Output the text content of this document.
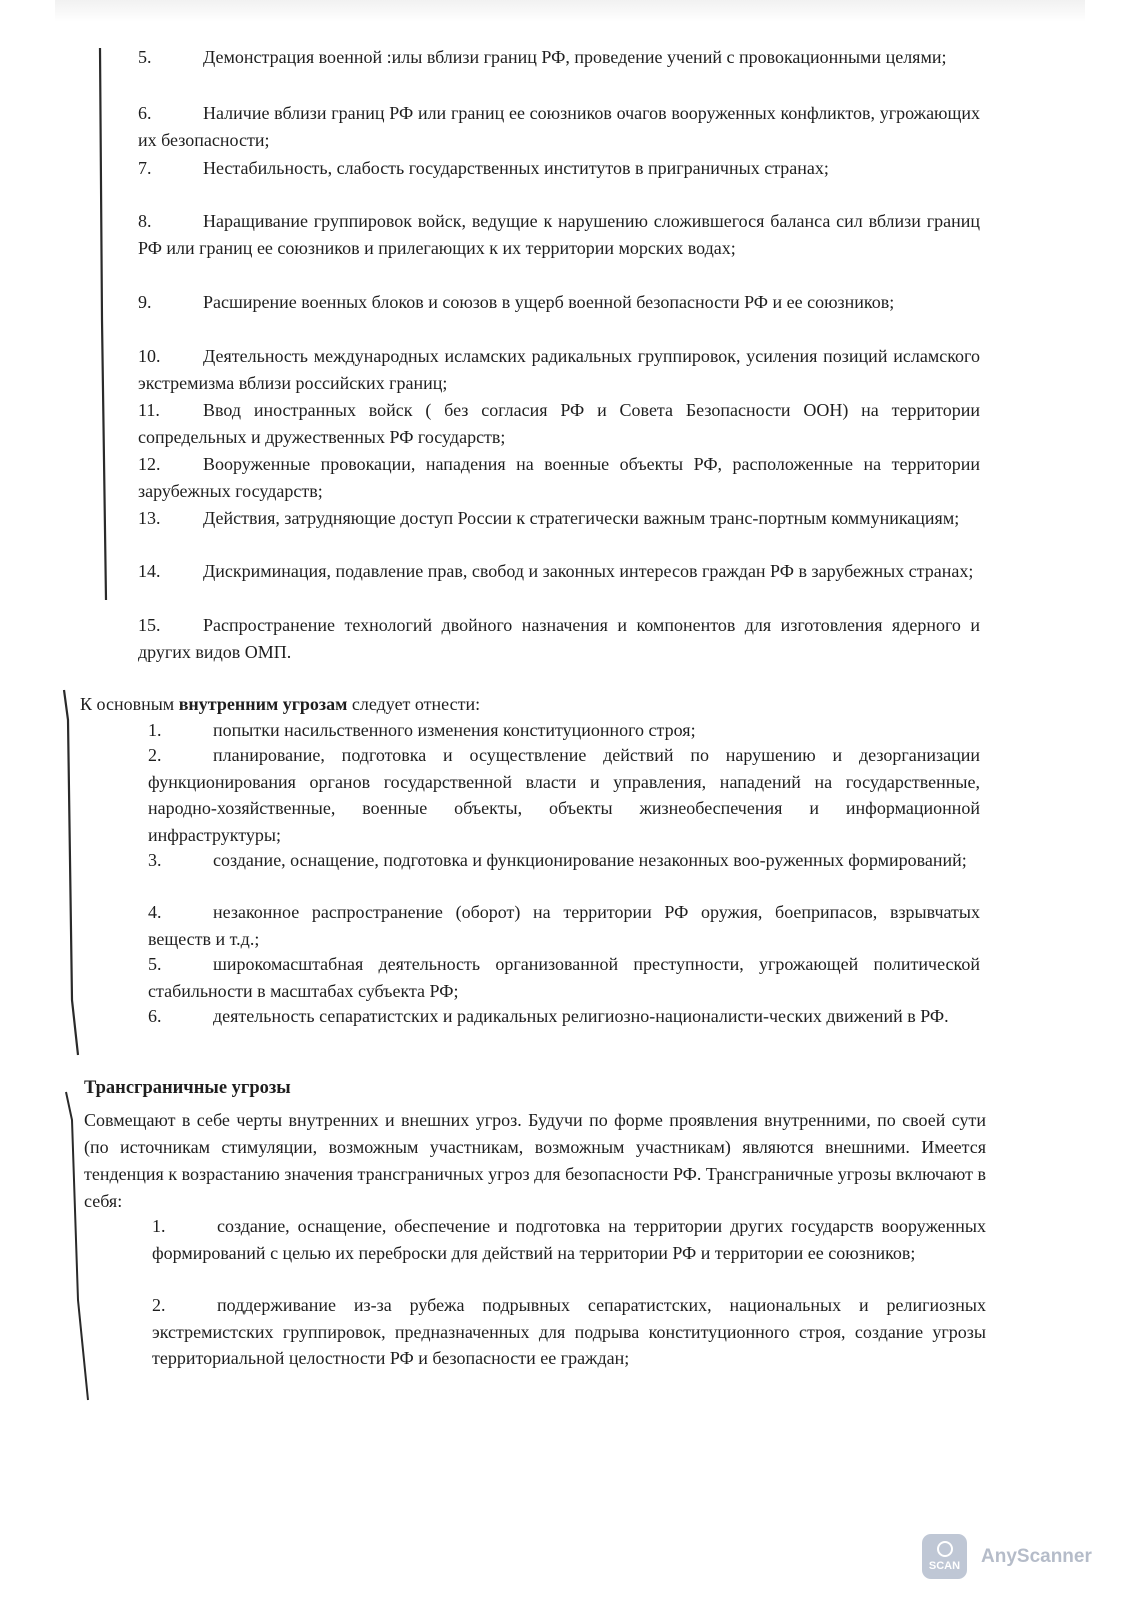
5.	Демонстрация военной :илы вблизи границ РФ, проведение учений с провокационными целями;
6.	Наличие вблизи границ РФ или границ ее союзников очагов вооруженных конфликтов, угрожающих их безопасности;
7.	Нестабильность, слабость государственных институтов в приграничных странах;
8.	Наращивание группировок войск, ведущие к нарушению сложившегося баланса сил вблизи границ РФ или границ ее союзников и прилегающих к их территории морских водах;
9.	Расширение военных блоков и союзов в ущерб военной безопасности РФ и ее союзников;
10. Деятельность международных исламских радикальных группировок, усиления позиций исламского экстремизма вблизи российских границ;
11. Ввод иностранных войск ( без согласия РФ и Совета Безопасности ООН) на территории сопредельных и дружественных РФ государств;
12. Вооруженные провокации, нападения на военные объекты РФ, расположенные на территории зарубежных государств;
13. Действия, затрудняющие доступ России к стратегически важным транс-портным коммуникациям;
14. Дискриминация, подавление прав, свобод и законных интересов граждан РФ в зарубежных странах;
15. Распространение технологий двойного назначения и компонентов для изготовления ядерного и других видов ОМП.
К основным внутренним угрозам следует отнести:
1.	попытки насильственного изменения конституционного строя;
2.	планирование, подготовка и осуществление действий по нарушению и дезорганизации функционирования органов государственной власти и управления, нападений на государственные, народно-хозяйственные, военные объекты, объекты жизнеобеспечения и информационной инфраструктуры;
3.	создание, оснащение, подготовка и функционирование незаконных воо-руженных формирований;
4.	незаконное распространение (оборот) на территории РФ оружия, боеприпасов, взрывчатых веществ и т.д.;
5.	широкомасштабная деятельность организованной преступности, угрожающей политической стабильности в масштабах субъекта РФ;
6.	деятельность сепаратистских и радикальных религиозно-националисти-ческих движений в РФ.
Трансграничные угрозы
Совмещают в себе черты внутренних и внешних угроз. Будучи по форме проявления внутренними, по своей сути (по источникам стимуляции, возможным участникам, возможным участникам) являются внешними. Имеется тенденция к возрастанию значения трансграничных угроз для безопасности РФ. Трансграничные угрозы включают в себя:
1.	создание, оснащение, обеспечение и подготовка на территории других государств вооруженных формирований с целью их переброски для действий на территории РФ и территории ее союзников;
2.	поддерживание из-за рубежа подрывных сепаратистских, национальных и религиозных экстремистских группировок, предназначенных для подрыва конституционного строя, создание угрозы территориальной целостности РФ и безопасности ее граждан;
SCAN AnyScanner
